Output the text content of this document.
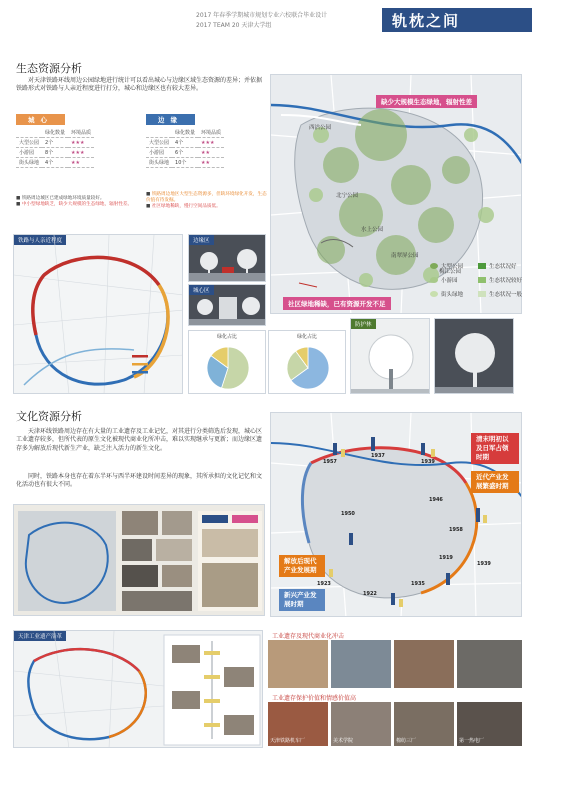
2017 年春季学期城市规划专业六校联合毕业设计
2017 TEAM 20 天津大学组	轨枕之间
生态资源分析
对天津铁路环线周边公园绿地进行统计可以看出城心与边缘区域生态资源的差异；并依据铁路形式对铁路与人亲近程度进行打分，城心和边缘区也有较大差异。
城心
	绿化数量	环境品质
大型公园	2个	★★★
小游园	8个	★★★
街头绿地	4个	★★
边缘
	绿化数量	环境品质
大型公园	4个	★★★
小游园	6个	★★
街头绿地	10个	★★
■ 铁路周边城区已建成绿地环境质量较好。
■ 中小型绿地缺乏，缺少大规模的生态绿地，辐射性差。
■ 铁路周边地区大型生态资源多，但缺环境绿化开发，生态价值有待发掘。
■ 社区绿地稀缺，慢行空间品质低。
铁路与人亲近程度	边缘区
城心区
绿化占比	绿化占比
防护林
缺少大规模生态绿地，辐射性差
西沽公园
北宁公园
水上公园
南翠屏公园
梅江公园
社区绿地稀缺，已有资源开发不足
大型公园	生态状况好
小游园	生态状况较好
街头绿地	生态状况一般
文化资源分析
天津环线铁路周边存在有大量的工业遗存及工业记忆，对其进行分类筛选后发现，城心区工业遗存较多，但所代表的原生文化被现代商业化所冲击，难以实现继承与更新；而边缘区遗存多为解放后现代新生产业，缺乏注入活力的新生文化。
同时，铁路本身也存在着东半环与西半环建设时间差异的现象，其所承担的文化记忆和文化活动也有很大不同。
1957
1937
1939
1946
1950
1958
1919
1935
1939
1922
1923
清末明初以及日军占领时期
近代产业发展繁盛时期
解放后现代产业发展期
新兴产业发展时期
天津工业遗产沿革	工业遗存及现代商业化冲击
工业遗存保护价值和情感价值高
天津铁路机车厂	美术学院	棉纺三厂	第一热电厂
